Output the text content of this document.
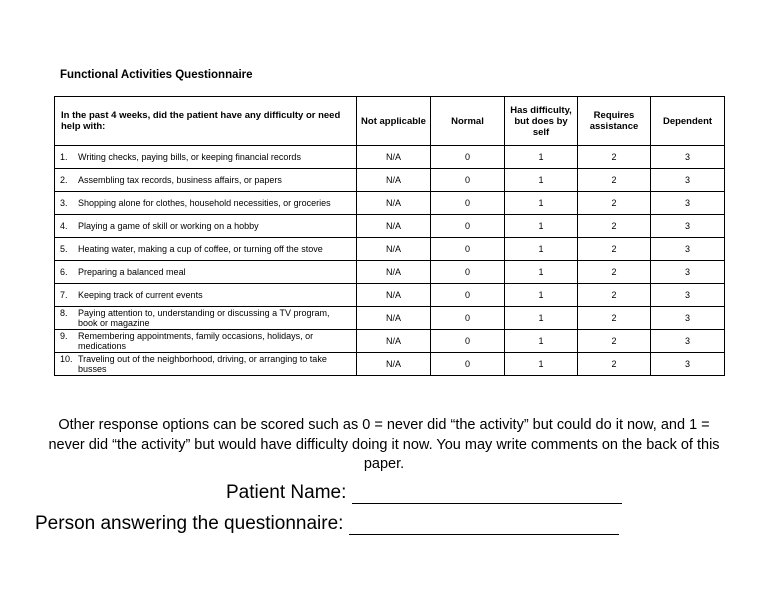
Functional Activities Questionnaire
In the past 4 weeks, did the patient have any difficulty or need help with:	Not applicable	Normal	Has difficulty, but does by self	Requires assistance	Dependent

1. Writing checks, paying bills, or keeping financial records	N/A	0	1	2	3

2. Assembling tax records, business affairs, or papers	N/A	0	1	2	3

3. Shopping alone for clothes, household necessities, or groceries	N/A	0	1	2	3

4. Playing a game of skill or working on a hobby	N/A	0	1	2	3

5. Heating water, making a cup of coffee, or turning off the stove	N/A	0	1	2	3

6. Preparing a balanced meal	N/A	0	1	2	3

7. Keeping track of current events	N/A	0	1	2	3

8. Paying attention to, understanding or discussing a TV program, book or magazine	N/A	0	1	2	3

9. Remembering appointments, family occasions, holidays, or medications	N/A	0	1	2	3

10. Traveling out of the neighborhood, driving, or arranging to take busses	N/A	0	1	2	3
Other response options can be scored such as 0 = never did “the activity” but could do it now, and 1 = never did “the activity” but would have difficulty doing it now. You may write comments on the back of this paper.
Patient Name:
Person answering the questionnaire:
